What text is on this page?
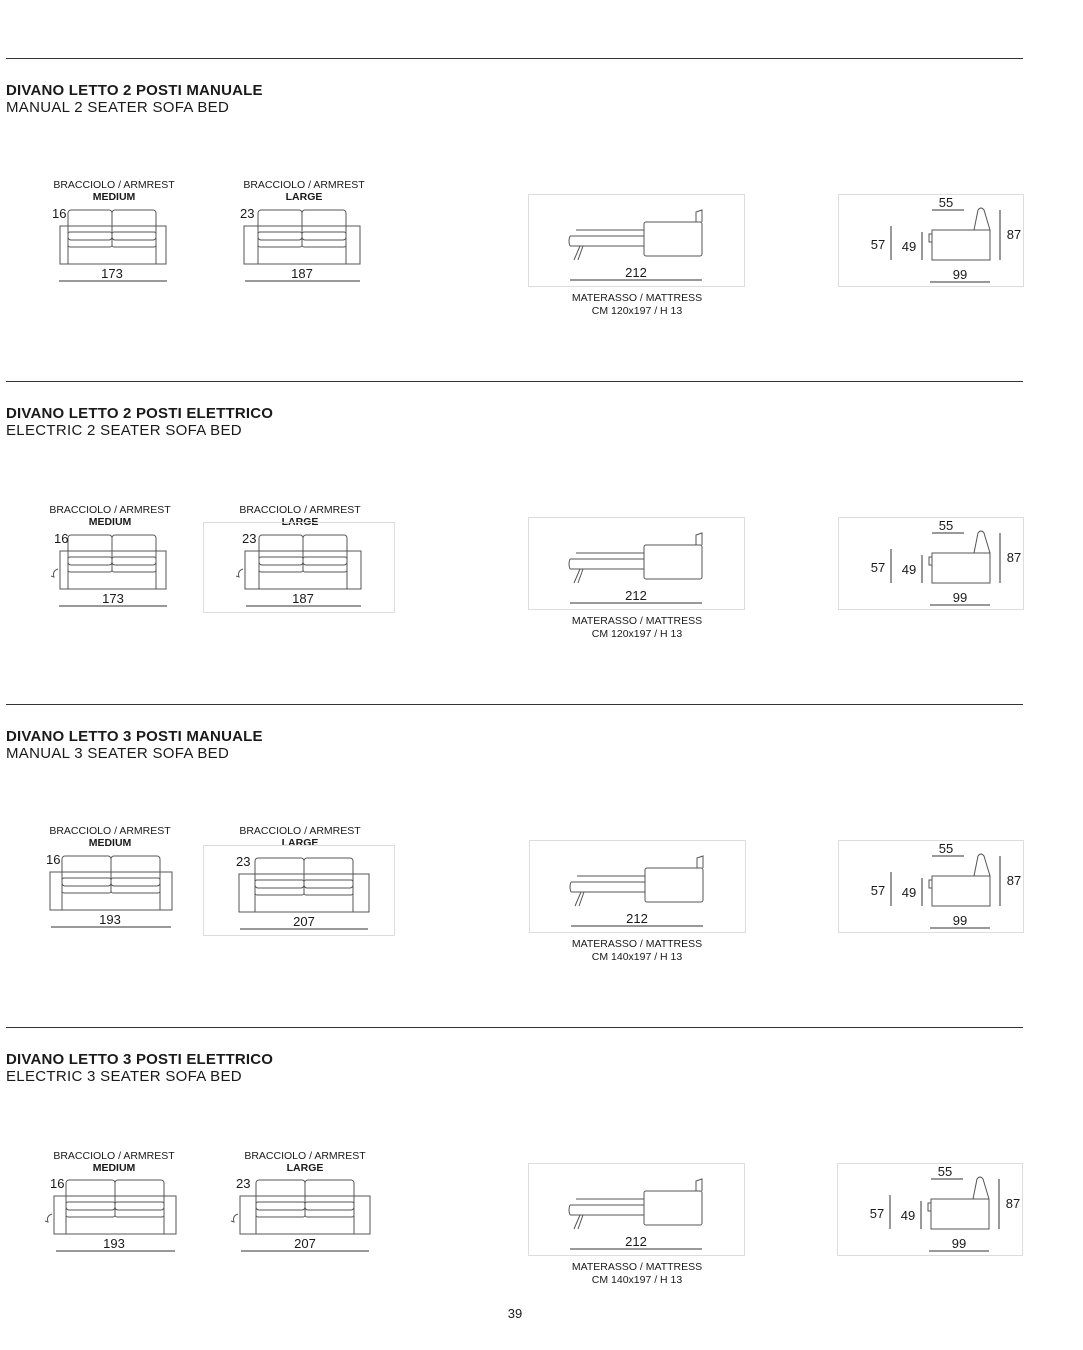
DIVANO LETTO 2 POSTI MANUALE
MANUAL 2 SEATER SOFA BED
BRACCIOLO / ARMREST
MEDIUM
16
173
BRACCIOLO / ARMREST
LARGE
23
187	212
MATERASSO / MATTRESS
CM 120x197 / H 13
55
57 49
87
99
DIVANO LETTO 2 POSTI ELETTRICO
ELECTRIC 2 SEATER SOFA BED
BRACCIOLO / ARMREST
MEDIUM
16
173
BRACCIOLO / ARMREST
LARGE
23
187	212
MATERASSO / MATTRESS
CM 120x197 / H 13
55
57 49
87
99
DIVANO LETTO 3 POSTI MANUALE
MANUAL 3 SEATER SOFA BED
BRACCIOLO / ARMREST
MEDIUM
16
193
BRACCIOLO / ARMREST
LARGE
23
207	212
MATERASSO / MATTRESS
CM 140x197 / H 13
55
57 49
87
99
DIVANO LETTO 3 POSTI ELETTRICO
ELECTRIC 3 SEATER SOFA BED
BRACCIOLO / ARMREST
MEDIUM
16
193
BRACCIOLO / ARMREST
LARGE
23
207	212
MATERASSO / MATTRESS
CM 140x197 / H 13
55
57 49
87
99
39
